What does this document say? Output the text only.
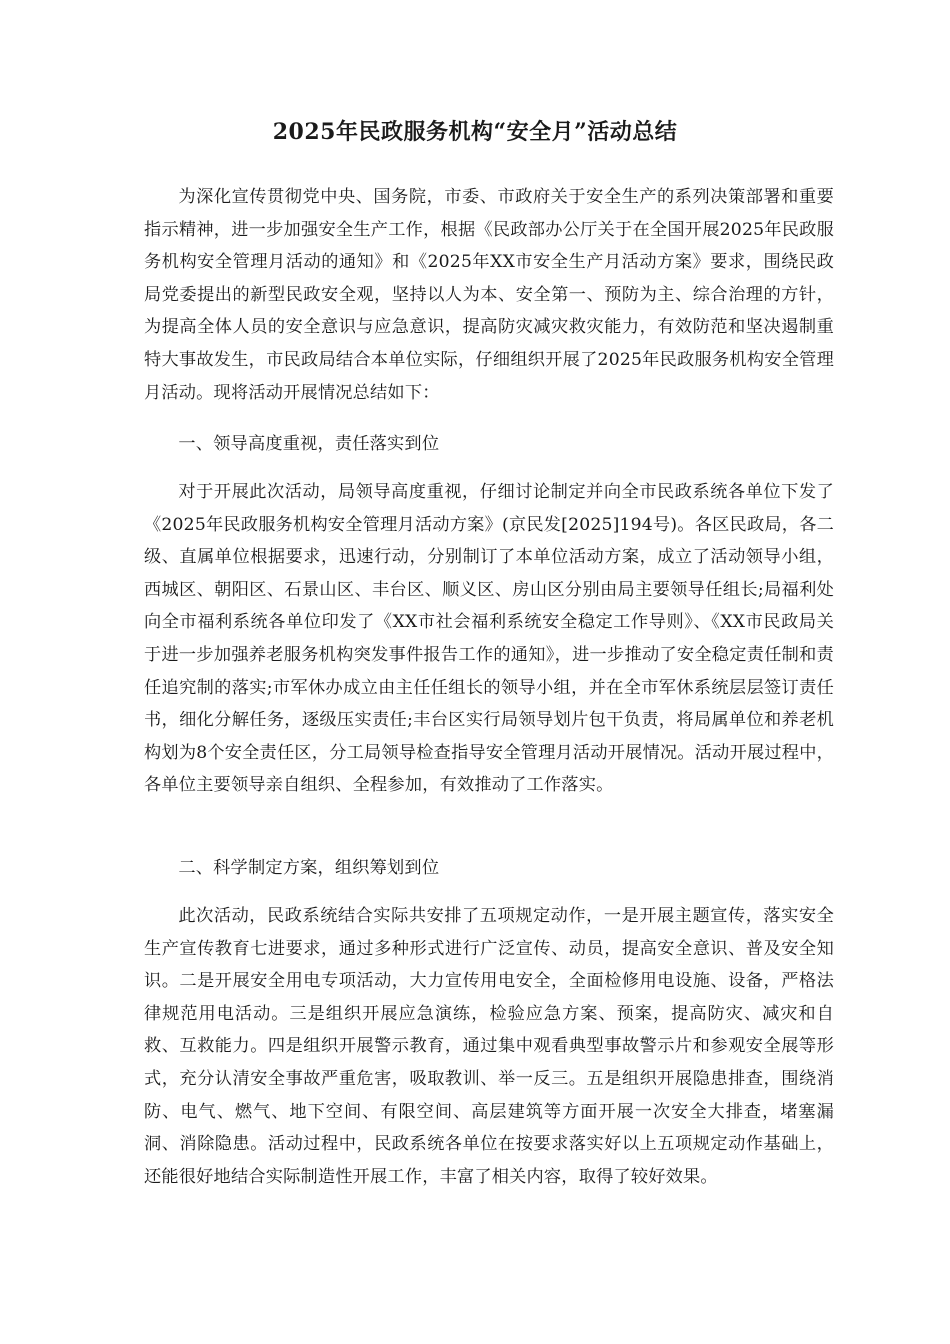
2025年民政服务机构“安全月”活动总结

为深化宣传贯彻党中央、国务院，市委、市政府关于安全生产的系列决策部署和重要指示精神，进一步加强安全生产工作，根据《民政部办公厅关于在全国开展2025年民政服务机构安全管理月活动的通知》和《2025年XX市安全生产月活动方案》要求，围绕民政局党委提出的新型民政安全观，坚持以人为本、安全第一、预防为主、综合治理的方针，为提高全体人员的安全意识与应急意识，提高防灾减灾救灾能力，有效防范和坚决遏制重特大事故发生，市民政局结合本单位实际，仔细组织开展了2025年民政服务机构安全管理月活动。现将活动开展情况总结如下：

一、领导高度重视，责任落实到位

对于开展此次活动，局领导高度重视，仔细讨论制定并向全市民政系统各单位下发了《2025年民政服务机构安全管理月活动方案》(京民发[2025]194号)。各区民政局，各二级、直属单位根据要求，迅速行动，分别制订了本单位活动方案，成立了活动领导小组，西城区、朝阳区、石景山区、丰台区、顺义区、房山区分别由局主要领导任组长;局福利处向全市福利系统各单位印发了《XX市社会福利系统安全稳定工作导则》、《XX市民政局关于进一步加强养老服务机构突发事件报告工作的通知》，进一步推动了安全稳定责任制和责任追究制的落实;市军休办成立由主任任组长的领导小组，并在全市军休系统层层签订责任书，细化分解任务，逐级压实责任;丰台区实行局领导划片包干负责，将局属单位和养老机构划为8个安全责任区，分工局领导检查指导安全管理月活动开展情况。活动开展过程中，各单位主要领导亲自组织、全程参加，有效推动了工作落实。

二、科学制定方案，组织筹划到位

此次活动，民政系统结合实际共安排了五项规定动作，一是开展主题宣传，落实安全生产宣传教育七进要求，通过多种形式进行广泛宣传、动员，提高安全意识、普及安全知识。二是开展安全用电专项活动，大力宣传用电安全，全面检修用电设施、设备，严格法律规范用电活动。三是组织开展应急演练，检验应急方案、预案，提高防灾、减灾和自救、互救能力。四是组织开展警示教育，通过集中观看典型事故警示片和参观安全展等形式，充分认清安全事故严重危害，吸取教训、举一反三。五是组织开展隐患排查，围绕消防、电气、燃气、地下空间、有限空间、高层建筑等方面开展一次安全大排查，堵塞漏洞、消除隐患。活动过程中，民政系统各单位在按要求落实好以上五项规定动作基础上，还能很好地结合实际制造性开展工作，丰富了相关内容，取得了较好效果。
